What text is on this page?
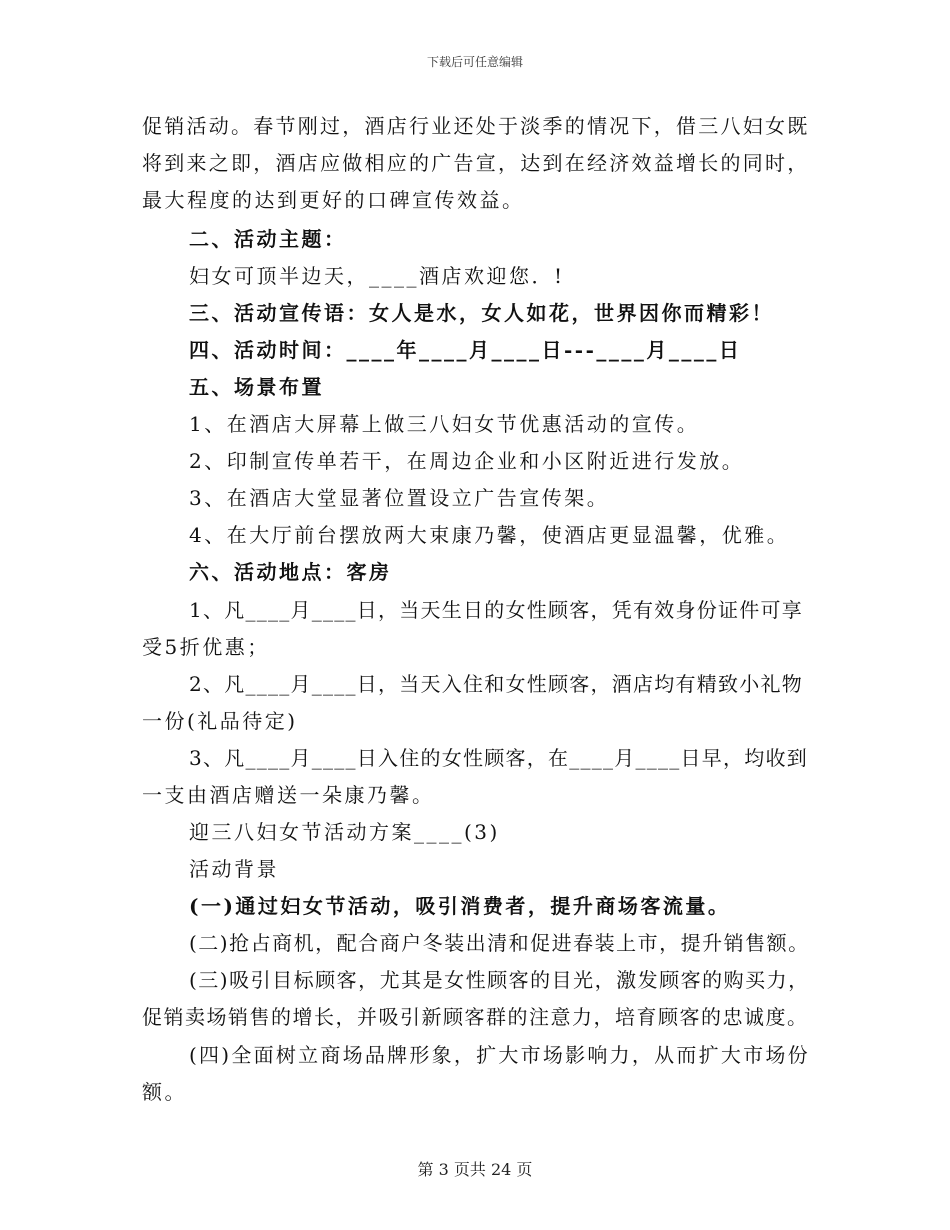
下载后可任意编辑
促销活动。春节刚过，酒店行业还处于淡季的情况下，借三八妇女既
将到来之即，酒店应做相应的广告宣，达到在经济效益增长的同时，
最大程度的达到更好的口碑宣传效益。
二、活动主题：
妇女可顶半边天，____酒店欢迎您．!
三、活动宣传语：女人是水，女人如花，世界因你而精彩！
四、活动时间：____年____月____日---____月____日
五、场景布置
1、在酒店大屏幕上做三八妇女节优惠活动的宣传。
2、印制宣传单若干，在周边企业和小区附近进行发放。
3、在酒店大堂显著位置设立广告宣传架。
4、在大厅前台摆放两大束康乃馨，使酒店更显温馨，优雅。
六、活动地点：客房
1、凡____月____日，当天生日的女性顾客，凭有效身份证件可享
受5折优惠；
2、凡____月____日，当天入住和女性顾客，酒店均有精致小礼物
一份(礼品待定)
3、凡____月____日入住的女性顾客，在____月____日早，均收到
一支由酒店赠送一朵康乃馨。
迎三八妇女节活动方案____(3)
活动背景
(一)通过妇女节活动，吸引消费者，提升商场客流量。
(二)抢占商机，配合商户冬装出清和促进春装上市，提升销售额。
(三)吸引目标顾客，尤其是女性顾客的目光，激发顾客的购买力，
促销卖场销售的增长，并吸引新顾客群的注意力，培育顾客的忠诚度。
(四)全面树立商场品牌形象，扩大市场影响力，从而扩大市场份
额。
第 3 页共 24 页
